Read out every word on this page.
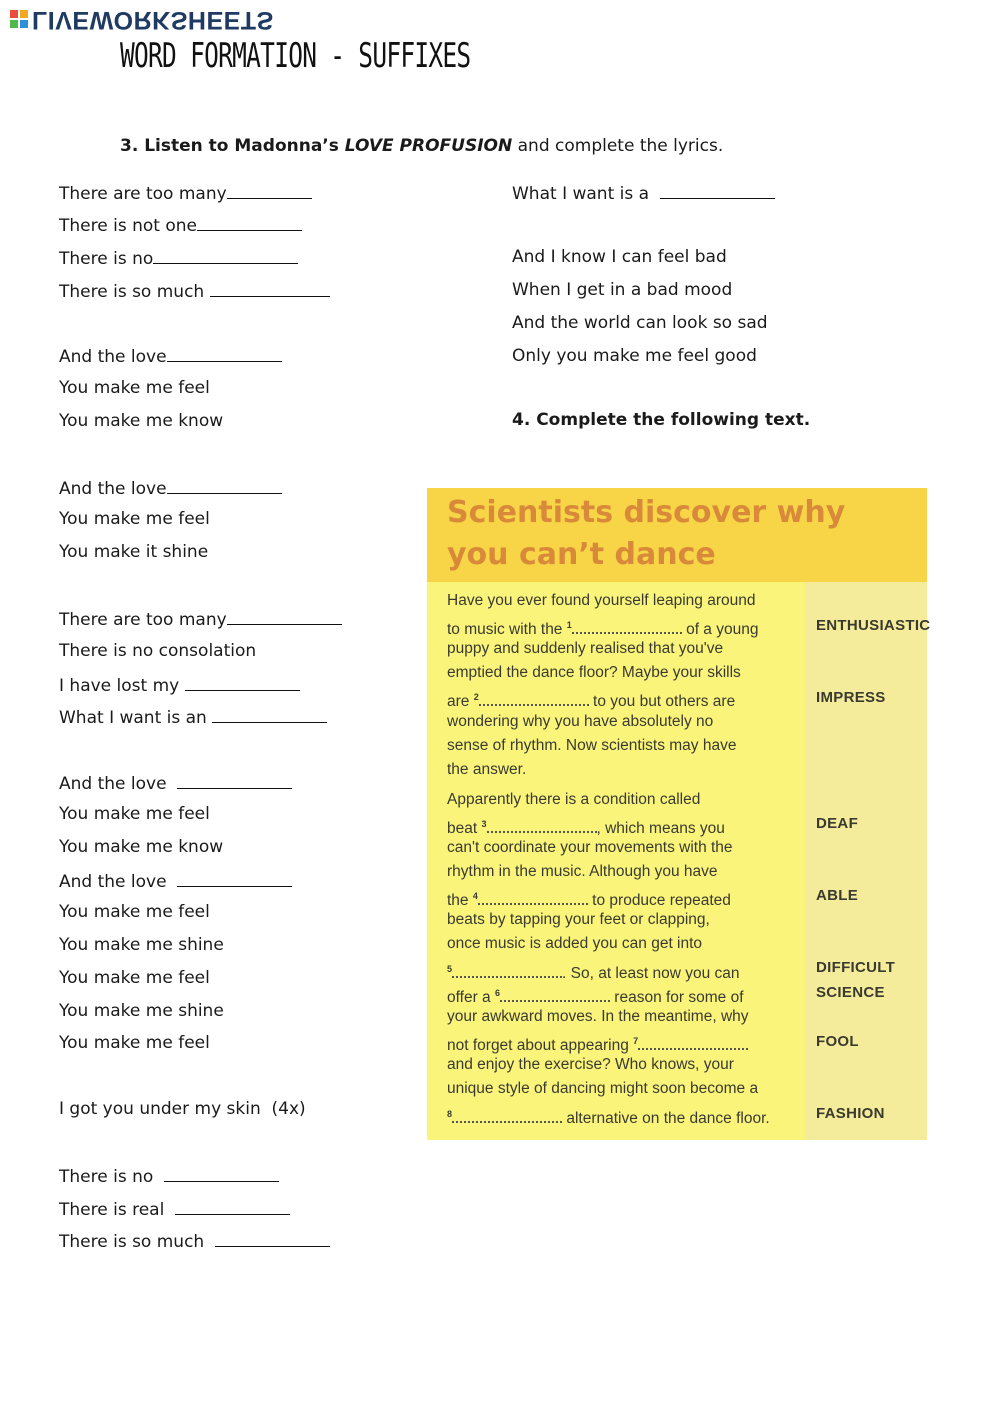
LIVEWORKSHEETS
WORD FORMATION - SUFFIXES
3. Listen to Madonna’s LOVE PROFUSION and complete the lyrics.
There are too many
There is not one
There is no
There is so much
And the love
You make me feel
You make me know
And the love
You make me feel
You make it shine
There are too many
There is no consolation
I have lost my
What I want is an
And the love
You make me feel
You make me know
And the love
You make me feel
You make me shine
You make me feel
You make me shine
You make me feel
I got you under my skin  (4x)
There is no
There is real
There is so much
What I want is a
And I know I can feel bad
When I get in a bad mood
And the world can look so sad
Only you make me feel good
4. Complete the following text.
Scientists discover why
you can’t dance
Have you ever found yourself leaping around
to music with the $^1$	of a young
puppy and suddenly realised that you've
emptied the dance floor? Maybe your skills
are $^2$	to you but others are
wondering why you have absolutely no
sense of rhythm. Now scientists may have
the answer.
Apparently there is a condition called
beat $^3$	, which means you
can't coordinate your movements with the
rhythm in the music. Although you have
the $^4$	to produce repeated
beats by tapping your feet or clapping,
once music is added you can get into
$^5$	. So, at least now you can
offer a $^6$	reason for some of
your awkward moves. In the meantime, why
not forget about appearing $^7$
and enjoy the exercise? Who knows, your
unique style of dancing might soon become a
$^8$	alternative on the dance floor.
ENTHUSIASTIC
IMPRESS
DEAF
ABLE
DIFFICULT
SCIENCE
FOOL
FASHION
